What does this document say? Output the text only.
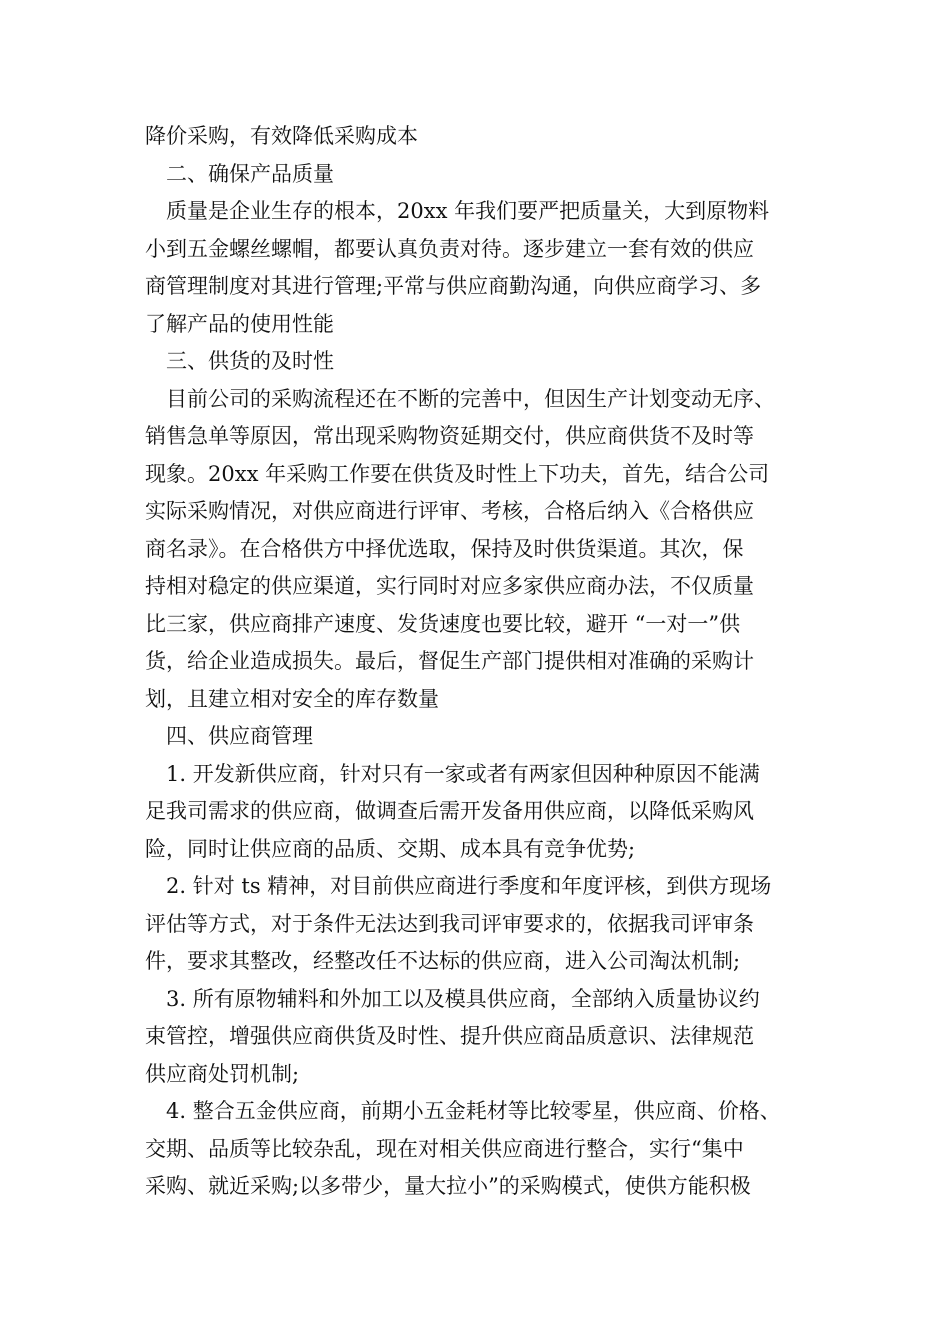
降价采购，有效降低采购成本
二、确保产品质量
质量是企业生存的根本，20xx 年我们要严把质量关，大到原物料
小到五金螺丝螺帽，都要认真负责对待。逐步建立一套有效的供应
商管理制度对其进行管理;平常与供应商勤沟通，向供应商学习、多
了解产品的使用性能
三、供货的及时性
目前公司的采购流程还在不断的完善中，但因生产计划变动无序、
销售急单等原因，常出现采购物资延期交付，供应商供货不及时等
现象。20xx 年采购工作要在供货及时性上下功夫，首先，结合公司
实际采购情况，对供应商进行评审、考核，合格后纳入《合格供应
商名录》。在合格供方中择优选取，保持及时供货渠道。其次，保
持相对稳定的供应渠道，实行同时对应多家供应商办法，不仅质量
比三家，供应商排产速度、发货速度也要比较，避开 “一对一”供
货，给企业造成损失。最后，督促生产部门提供相对准确的采购计
划，且建立相对安全的库存数量
四、供应商管理
1. 开发新供应商，针对只有一家或者有两家但因种种原因不能满
足我司需求的供应商，做调查后需开发备用供应商，以降低采购风
险，同时让供应商的品质、交期、成本具有竞争优势;
2. 针对 ts 精神，对目前供应商进行季度和年度评核，到供方现场
评估等方式，对于条件无法达到我司评审要求的，依据我司评审条
件，要求其整改，经整改任不达标的供应商，进入公司淘汰机制;
3. 所有原物辅料和外加工以及模具供应商，全部纳入质量协议约
束管控，增强供应商供货及时性、提升供应商品质意识、法律规范
供应商处罚机制;
4. 整合五金供应商，前期小五金耗材等比较零星，供应商、价格、
交期、品质等比较杂乱，现在对相关供应商进行整合，实行“集中
采购、就近采购;以多带少，量大拉小”的采购模式，使供方能积极
